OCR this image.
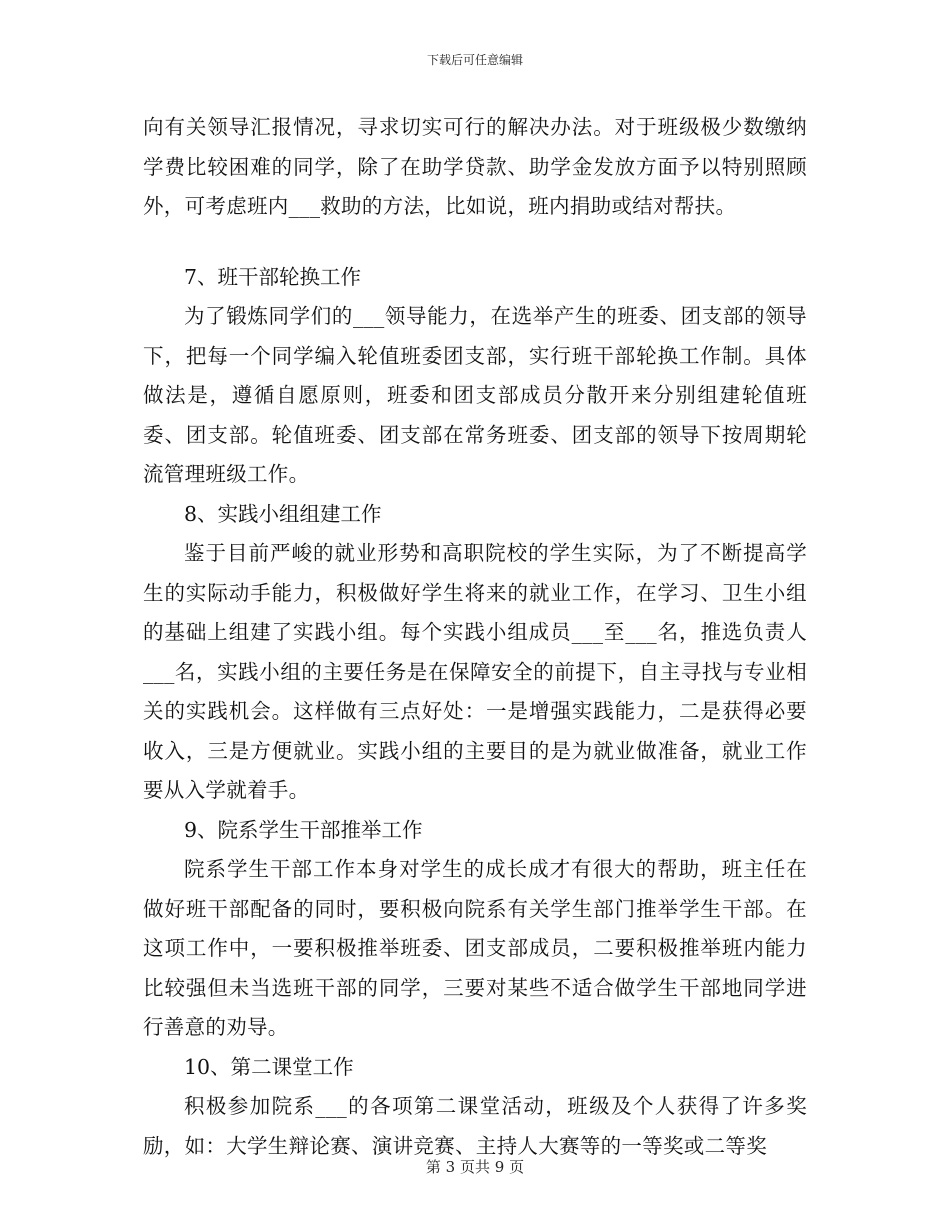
下载后可任意编辑

向有关领导汇报情况，寻求切实可行的解决办法。对于班级极少数缴纳学费比较困难的同学，除了在助学贷款、助学金发放方面予以特别照顾外，可考虑班内___救助的方法，比如说，班内捐助或结对帮扶。

7、班干部轮换工作

为了锻炼同学们的___领导能力，在选举产生的班委、团支部的领导下，把每一个同学编入轮值班委团支部，实行班干部轮换工作制。具体做法是，遵循自愿原则，班委和团支部成员分散开来分别组建轮值班委、团支部。轮值班委、团支部在常务班委、团支部的领导下按周期轮流管理班级工作。

8、实践小组组建工作

鉴于目前严峻的就业形势和高职院校的学生实际，为了不断提高学生的实际动手能力，积极做好学生将来的就业工作，在学习、卫生小组的基础上组建了实践小组。每个实践小组成员___至___名，推选负责人___名，实践小组的主要任务是在保障安全的前提下，自主寻找与专业相关的实践机会。这样做有三点好处：一是增强实践能力，二是获得必要收入，三是方便就业。实践小组的主要目的是为就业做准备，就业工作要从入学就着手。

9、院系学生干部推举工作

院系学生干部工作本身对学生的成长成才有很大的帮助，班主任在做好班干部配备的同时，要积极向院系有关学生部门推举学生干部。在这项工作中，一要积极推举班委、团支部成员，二要积极推举班内能力比较强但未当选班干部的同学，三要对某些不适合做学生干部地同学进行善意的劝导。

10、第二课堂工作

积极参加院系___的各项第二课堂活动，班级及个人获得了许多奖励，如：大学生辩论赛、演讲竞赛、主持人大赛等的一等奖或二等奖

第 3 页共 9 页
